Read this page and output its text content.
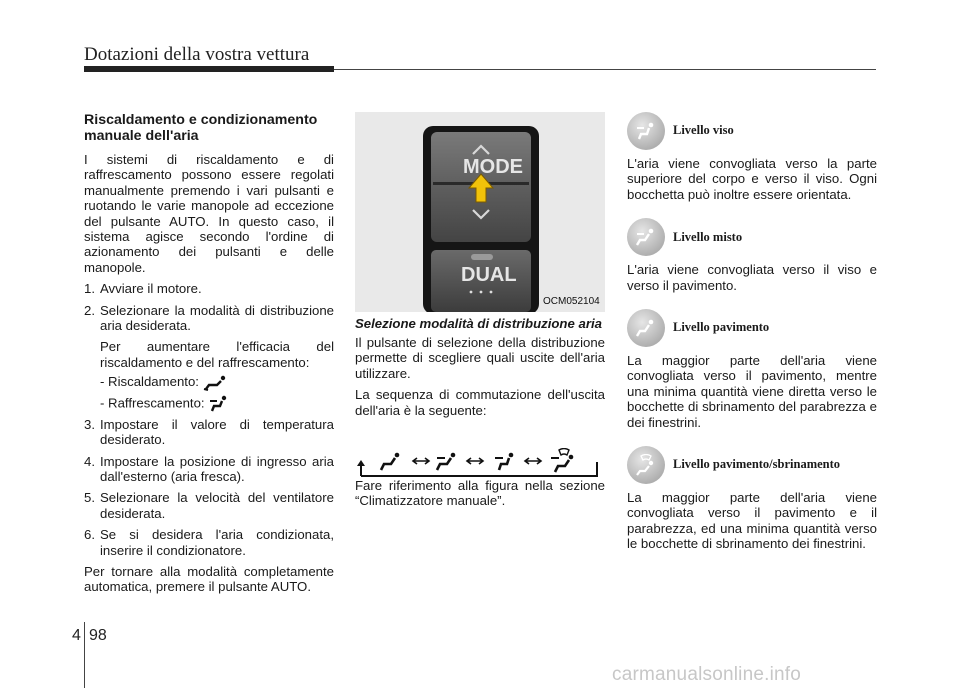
Dotazioni della vostra vettura
Riscaldamento e condizionamento manuale dell'aria

I sistemi di riscaldamento e di raffrescamento possono essere regolati manualmente premendo i vari pulsanti e ruotando le varie manopole ad eccezione del pulsante AUTO. In questo caso, il sistema agisce secondo l'ordine di azionamento dei pulsanti e delle manopole.

1. Avviare il motore.
2. Selezionare la modalità di distribuzione aria desiderata.
Per aumentare l'efficacia del riscaldamento e del raffrescamento:
- Riscaldamento:
- Raffrescamento:
3. Impostare il valore di temperatura desiderato.
4. Impostare la posizione di ingresso aria dall'esterno (aria fresca).
5. Selezionare la velocità del ventilatore desiderata.
6. Se si desidera l'aria condizionata, inserire il condizionatore.

Per tornare alla modalità completamente automatica, premere il pulsante AUTO.

MODE
DUAL
OCM052104
Selezione modalità di distribuzione aria

Il pulsante di selezione della distribuzione permette di scegliere quali uscite dell'aria utilizzare.

La sequenza di commutazione dell'uscita dell'aria è la seguente:

Fare riferimento alla figura nella sezione “Climatizzatore manuale”.

Livello viso

L'aria viene convogliata verso la parte superiore del corpo e verso il viso. Ogni bocchetta può inoltre essere orientata.

Livello misto

L'aria viene convogliata verso il viso e verso il pavimento.

Livello pavimento

La maggior parte dell'aria viene convogliata verso il pavimento, mentre una minima quantità viene diretta verso le bocchette di sbrinamento del parabrezza e dei finestrini.

Livello pavimento/sbrinamento

La maggior parte dell'aria viene convogliata verso il pavimento e il parabrezza, ed una minima quantità verso le bocchette di sbrinamento dei finestrini.

4 98
carmanualsonline.info
